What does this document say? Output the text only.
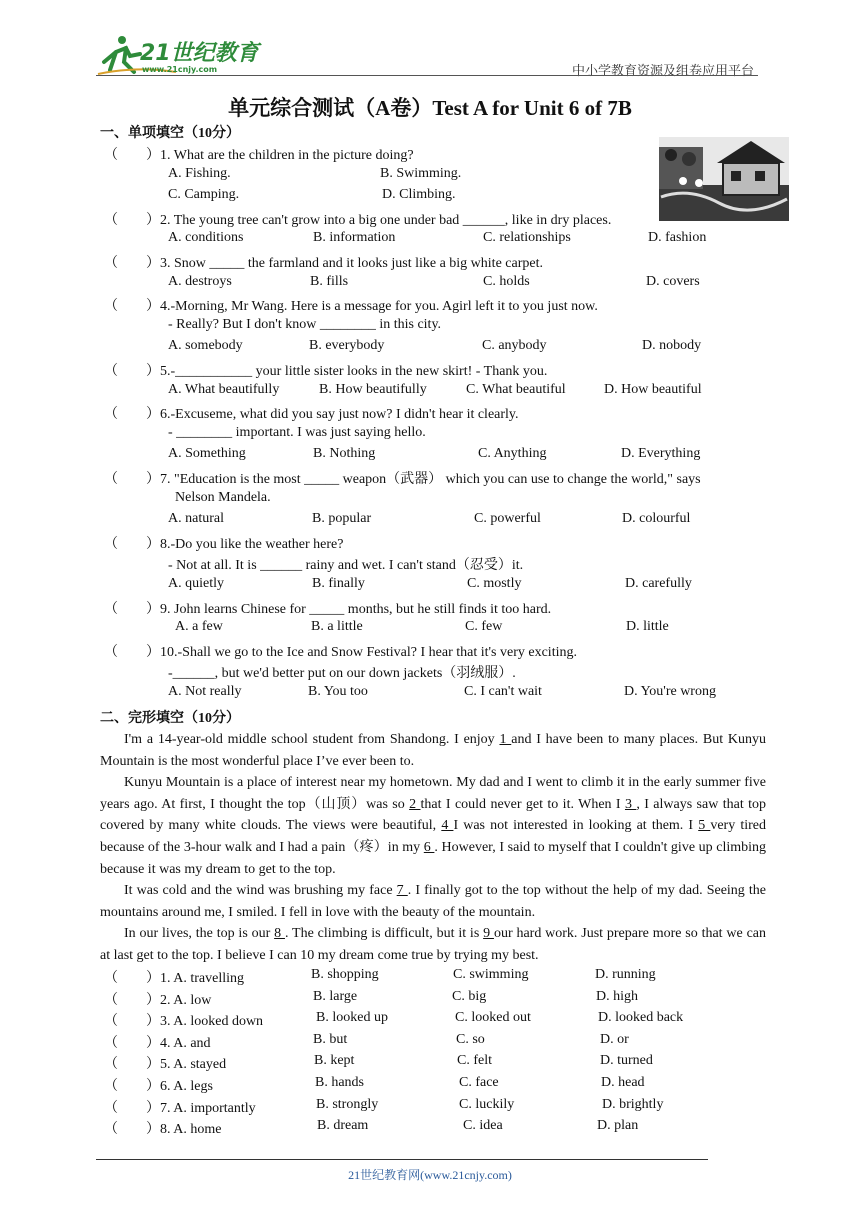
21世纪教育
www.21cnjy.com	中小学教育资源及组卷应用平台
单元综合测试（A卷）Test A for Unit 6 of 7B
一、单项填空（10分）
二、完形填空（10分）

I'm a 14-year-old middle school student from Shandong. I enjoy 1 and I have been to many places. But Kunyu Mountain is the most wonderful place I’ve ever been to.

Kunyu Mountain is a place of interest near my hometown. My dad and I went to climb it in the early summer five years ago. At first, I thought the top（山顶）was so 2 that I could never get to it. When I 3 , I always saw that top covered by many white clouds. The views were beautiful, 4 I was not interested in looking at them. I 5 very tired because of the 3-hour walk and I had a pain（疼）in my 6 . However, I said to myself that I couldn't give up climbing because it was my dream to get to the top.

It was cold and the wind was brushing my face 7 . I finally got to the top without the help of my dad. Seeing the mountains around me, I smiled. I fell in love with the beauty of the mountain.

In our lives, the top is our 8 . The climbing is difficult, but it is 9 our hard work. Just prepare more so that we can at last get to the top. I believe I can 10 my dream come true by trying my best.

21世纪教育网(www.21cnjy.com)
（ ）1. What are the children in the picture doing?
A. Fishing.	B. Swimming.
C. Camping.	D. Climbing.
（ ）2. The young tree can't grow into a big one under bad ______, like in dry places.
A. conditions	B. information	C. relationships	D. fashion
（ ）3. Snow _____ the farmland and it looks just like a big white carpet.
A. destroys	B. fills	C. holds	D. covers
（ ）4.-Morning, Mr Wang. Here is a message for you. Agirl left it to you just now.
- Really? But I don't know ________ in this city.
A. somebody	B. everybody	C. anybody	D. nobody
（ ）5.-___________ your little sister looks in the new skirt! - Thank you.
A. What beautifully	B. How beautifully	C. What beautiful	D. How beautiful
（ ）6.-Excuseme, what did you say just now? I didn't hear it clearly.
- ________ important. I was just saying hello.
A. Something	B. Nothing	C. Anything	D. Everything
（ ）7. "Education is the most _____ weapon（武器） which you can use to change the world," says
Nelson Mandela.
A. natural	B. popular	C. powerful	D. colourful
（ ）8.-Do you like the weather here?
- Not at all. It is ______ rainy and wet. I can't stand（忍受）it.
A. quietly	B. finally	C. mostly	D. carefully
（ ）9. John learns Chinese for _____ months, but he still finds it too hard.
A. a few	B. a little	C. few	D. little
（ ）10.-Shall we go to the Ice and Snow Festival? I hear that it's very exciting.
-______, but we'd better put on our down jackets（羽绒服）.
A. Not really	B. You too	C. I can't wait	D. You're wrong
（ ）1. A. travelling	B. shopping	C. swimming	D. running
（ ）2. A. low	B. large	C. big	D. high
（ ）3. A. looked down	B. looked up	C. looked out	D. looked back
（ ）4. A. and	B. but	C. so	D. or
（ ）5. A. stayed	B. kept	C. felt	D. turned
（ ）6. A. legs	B. hands	C. face	D. head
（ ）7. A. importantly	B. strongly	C. luckily	D. brightly
（ ）8. A. home	B. dream	C. idea	D. plan
